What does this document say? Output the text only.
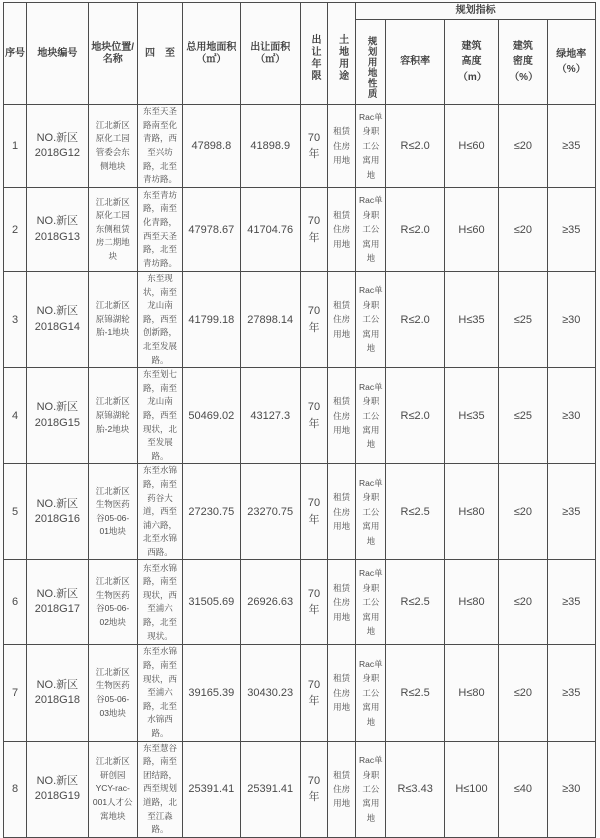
序号	地块编号	地块位置/名称	四　至	总用地面积（㎡）	出让面积（㎡）	出让年限	土地用途	规划指标				

规划用地性质	容积率	建筑高度（m）	建筑密度（%）	绿地率（%）
1	NO.新区2018G12	江北新区原化工园管委会东侧地块	东至天圣路南至化青路，西至兴坊路，北至青坊路。	47898.8	41898.9	70年	租赁住房用地	Rac单身职工公寓用地	R≤2.0	H≤60	≤20	≥35
2	NO.新区2018G13	江北新区原化工园东侧租赁房二期地块	东至青坊路，南至化青路，西至天圣路，北至青坊路。	47978.67	41704.76	70年	租赁住房用地	Rac单身职工公寓用地	R≤2.0	H≤60	≤20	≥35
3	NO.新区2018G14	江北新区原锦湖轮胎-1地块	东至现状，南至龙山南路，西至创新路，北至发展路。	41799.18	27898.14	70年	租赁住房用地	Rac单身职工公寓用地	R≤2.0	H≤35	≤25	≥30
4	NO.新区2018G15	江北新区原锦湖轮胎-2地块	东至划七路，南至龙山南路，西至现状，北至发展路。	50469.02	43127.3	70年	租赁住房用地	Rac单身职工公寓用地	R≤2.0	H≤35	≤25	≥30
5	NO.新区2018G16	江北新区生物医药谷05-06-01地块	东至水锦路，南至药谷大道，西至浦六路，北至水锦西路。	27230.75	23270.75	70年	租赁住房用地	Rac单身职工公寓用地	R≤2.5	H≤80	≤20	≥35
6	NO.新区2018G17	江北新区生物医药谷05-06-02地块	东至水锦路，南至现状，西至浦六路，北至现状。	31505.69	26926.63	70年	租赁住房用地	Rac单身职工公寓用地	R≤2.5	H≤80	≤20	≥35
7	NO.新区2018G18	江北新区生物医药谷05-06-03地块	东至水锦路，南至现状，西至浦六路，北至水锦西路。	39165.39	30430.23	70年	租赁住房用地	Rac单身职工公寓用地	R≤2.5	H≤80	≤20	≥35
8	NO.新区2018G19	江北新区研创园YCY-rac-001人才公寓地块	东至慧谷路，南至团结路，西至规划道路，北至江淼路。	25391.41	25391.41	70年	租赁住房用地	Rac单身职工公寓用地	R≤3.43	H≤100	≤40	≥30
